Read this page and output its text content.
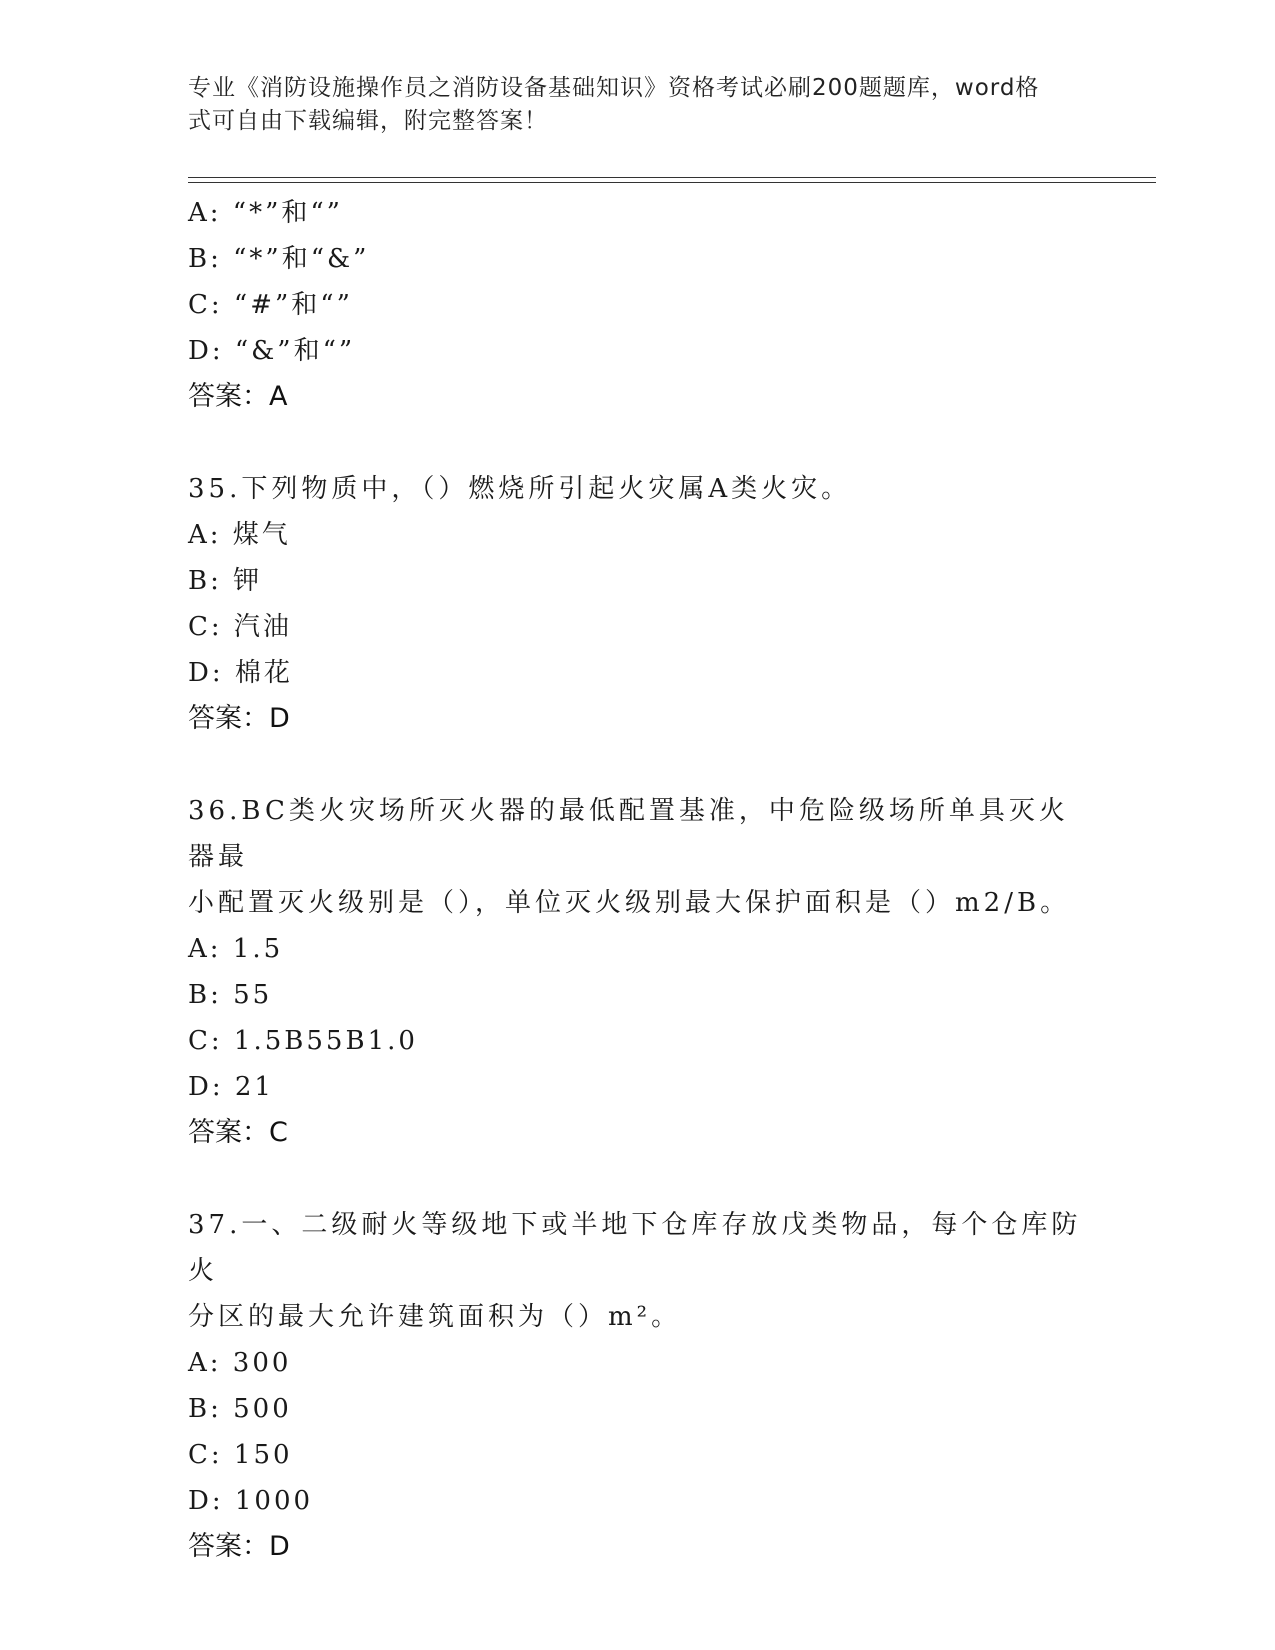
专业《消防设施操作员之消防设备基础知识》资格考试必刷200题题库，word格
式可自由下载编辑，附完整答案！
A: “*”和“”
B: “*”和“&”
C: “#”和“”
D: “&”和“”
答案：A
35.下列物质中，（）燃烧所引起火灾属A类火灾。
A: 煤气
B: 钾
C: 汽油
D: 棉花
答案：D
36.BC类火灾场所灭火器的最低配置基准，中危险级场所单具灭火器最
小配置灭火级别是（），单位灭火级别最大保护面积是（）m2/B。
A: 1.5
B: 55
C: 1.5B55B1.0
D: 21
答案：C
37.一、二级耐火等级地下或半地下仓库存放戊类物品，每个仓库防火
分区的最大允许建筑面积为（）m²。
A: 300
B: 500
C: 150
D: 1000
答案：D
